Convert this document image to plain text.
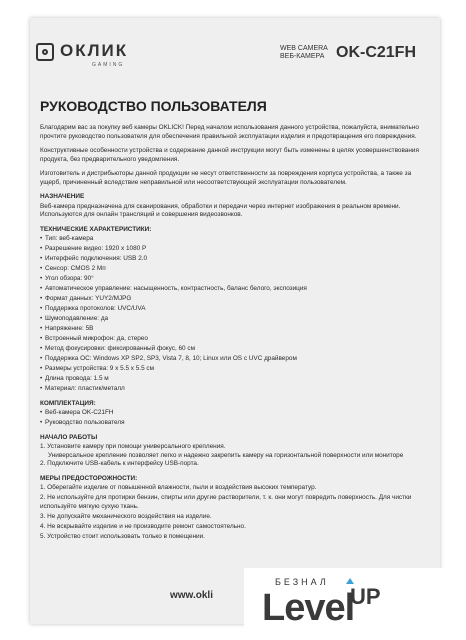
ОКЛИК
GAMING
WEB CAMERA
ВЕБ-КАМЕРА OK-C21FH
РУКОВОДСТВО ПОЛЬЗОВАТЕЛЯ

Благодарим вас за покупку веб камеры OKLICK! Перед началом использования данного устройства, пожалуйста, внимательно прочтите руководство пользователя для обеспечения правильной эксплуатации изделия и предотвращения его повреждения.

Конструктивные особенности устройства и содержание данной инструкции могут быть изменены в целях усовершенствования продукта, без предварительного уведомления.

Изготовитель и дистрибьюторы данной продукции не несут ответственности за повреждения корпуса устройства, а также за ущерб, причиненный вследствие неправильной или несоответствующей эксплуатации пользователем.

НАЗНАЧЕНИЕ

Веб-камера предназначена для сканирования, обработки и передачи через интернет изображения в реальном времени. Используются для онлайн трансляций и совершения видеозвонков.

ТЕХНИЧЕСКИЕ ХАРАКТЕРИСТИКИ:
• Тип: веб-камера
• Разрешение видео: 1920 x 1080 P
• Интерфейс подключения: USB 2.0
• Сенсор: CMOS 2 Мп
• Угол обзора: 90°
• Автоматическое управление: насыщенность, контрастность, баланс белого, экспозиция
• Формат данных: YUY2/MJPG
• Поддержка протоколов: UVC/UVA
• Шумоподавление: да
• Напряжение: 5В
• Встроенный микрофон: да, стерео
• Метод фокусировки: фиксированный фокус, 60 см
• Поддержка ОС: Windows XP SP2, SP3, Vista 7, 8, 10; Linux или OS с UVC драйвером
• Размеры устройства: 9 x 5.5 x 5.5 см
• Длина провода: 1.5 м
• Материал: пластик/металл
КОМПЛЕКТАЦИЯ:
• Веб-камера OK-C21FH
• Руководство пользователя
НАЧАЛО РАБОТЫ
1. Установите камеру при помощи универсального крепления.
Универсальное крепление позволяет легко и надежно закрепить камеру на горизонтальной поверхности или мониторе
2. Подключите USB-кабель к интерфейсу USB-порта.
МЕРЫ ПРЕДОСТОРОЖНОСТИ:
1. Оберегайте изделие от повышенной влажности, пыли и воздействия высоких температур.
2. Не используйте для протирки бензин, спирты или другие растворители, т. к. они могут повредить поверхность. Для чистки используйте мягкую сухую ткань.
3. Не допускайте механического воздействия на изделие.
4. Не вскрывайте изделие и не производите ремонт самостоятельно.
5. Устройство стоит использовать только в помещении.
www.okli
БЕЗНАЛ
Level
UP
